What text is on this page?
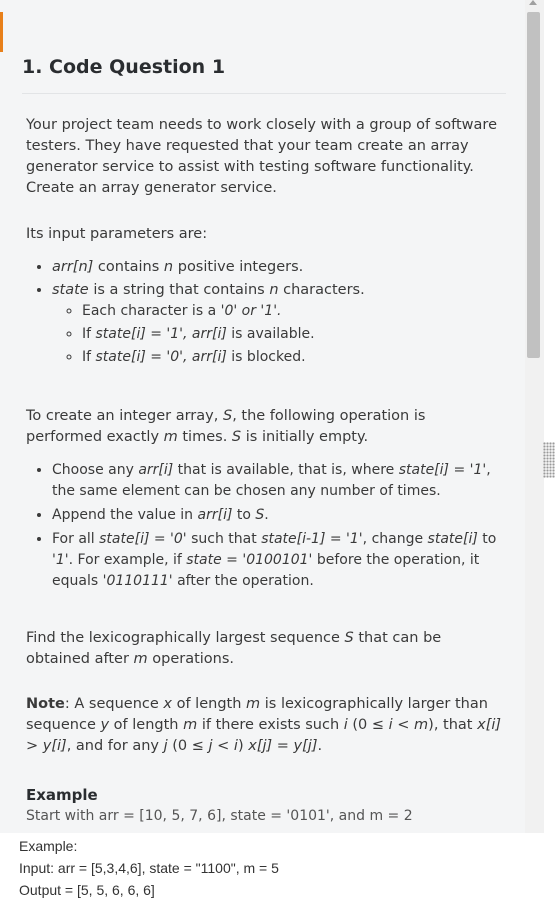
1. Code Question 1

Your project team needs to work closely with a group of software testers. They have requested that your team create an array generator service to assist with testing software functionality. Create an array generator service.

Its input parameters are:

• arr[n] contains n positive integers.
• state is a string that contains n characters.
◦ Each character is a '0' or '1'.
◦ If state[i] = '1', arr[i] is available.
◦ If state[i] = '0', arr[i] is blocked.

To create an integer array, S, the following operation is performed exactly m times. S is initially empty.

• Choose any arr[i] that is available, that is, where state[i] = '1', the same element can be chosen any number of times.
• Append the value in arr[i] to S.
• For all state[i] = '0' such that state[i-1] = '1', change state[i] to '1'. For example, if state = '0100101' before the operation, it equals '0110111' after the operation.

Find the lexicographically largest sequence S that can be obtained after m operations.

Note: A sequence x of length m is lexicographically larger than sequence y of length m if there exists such i (0 ≤ i < m), that x[i] > y[i], and for any j (0 ≤ j < i) x[j] = y[j].

Example

Start with arr = [10, 5, 7, 6], state = '0101', and m = 2

Example:
Input: arr = [5,3,4,6], state = "1100", m = 5
Output = [5, 5, 6, 6, 6]
